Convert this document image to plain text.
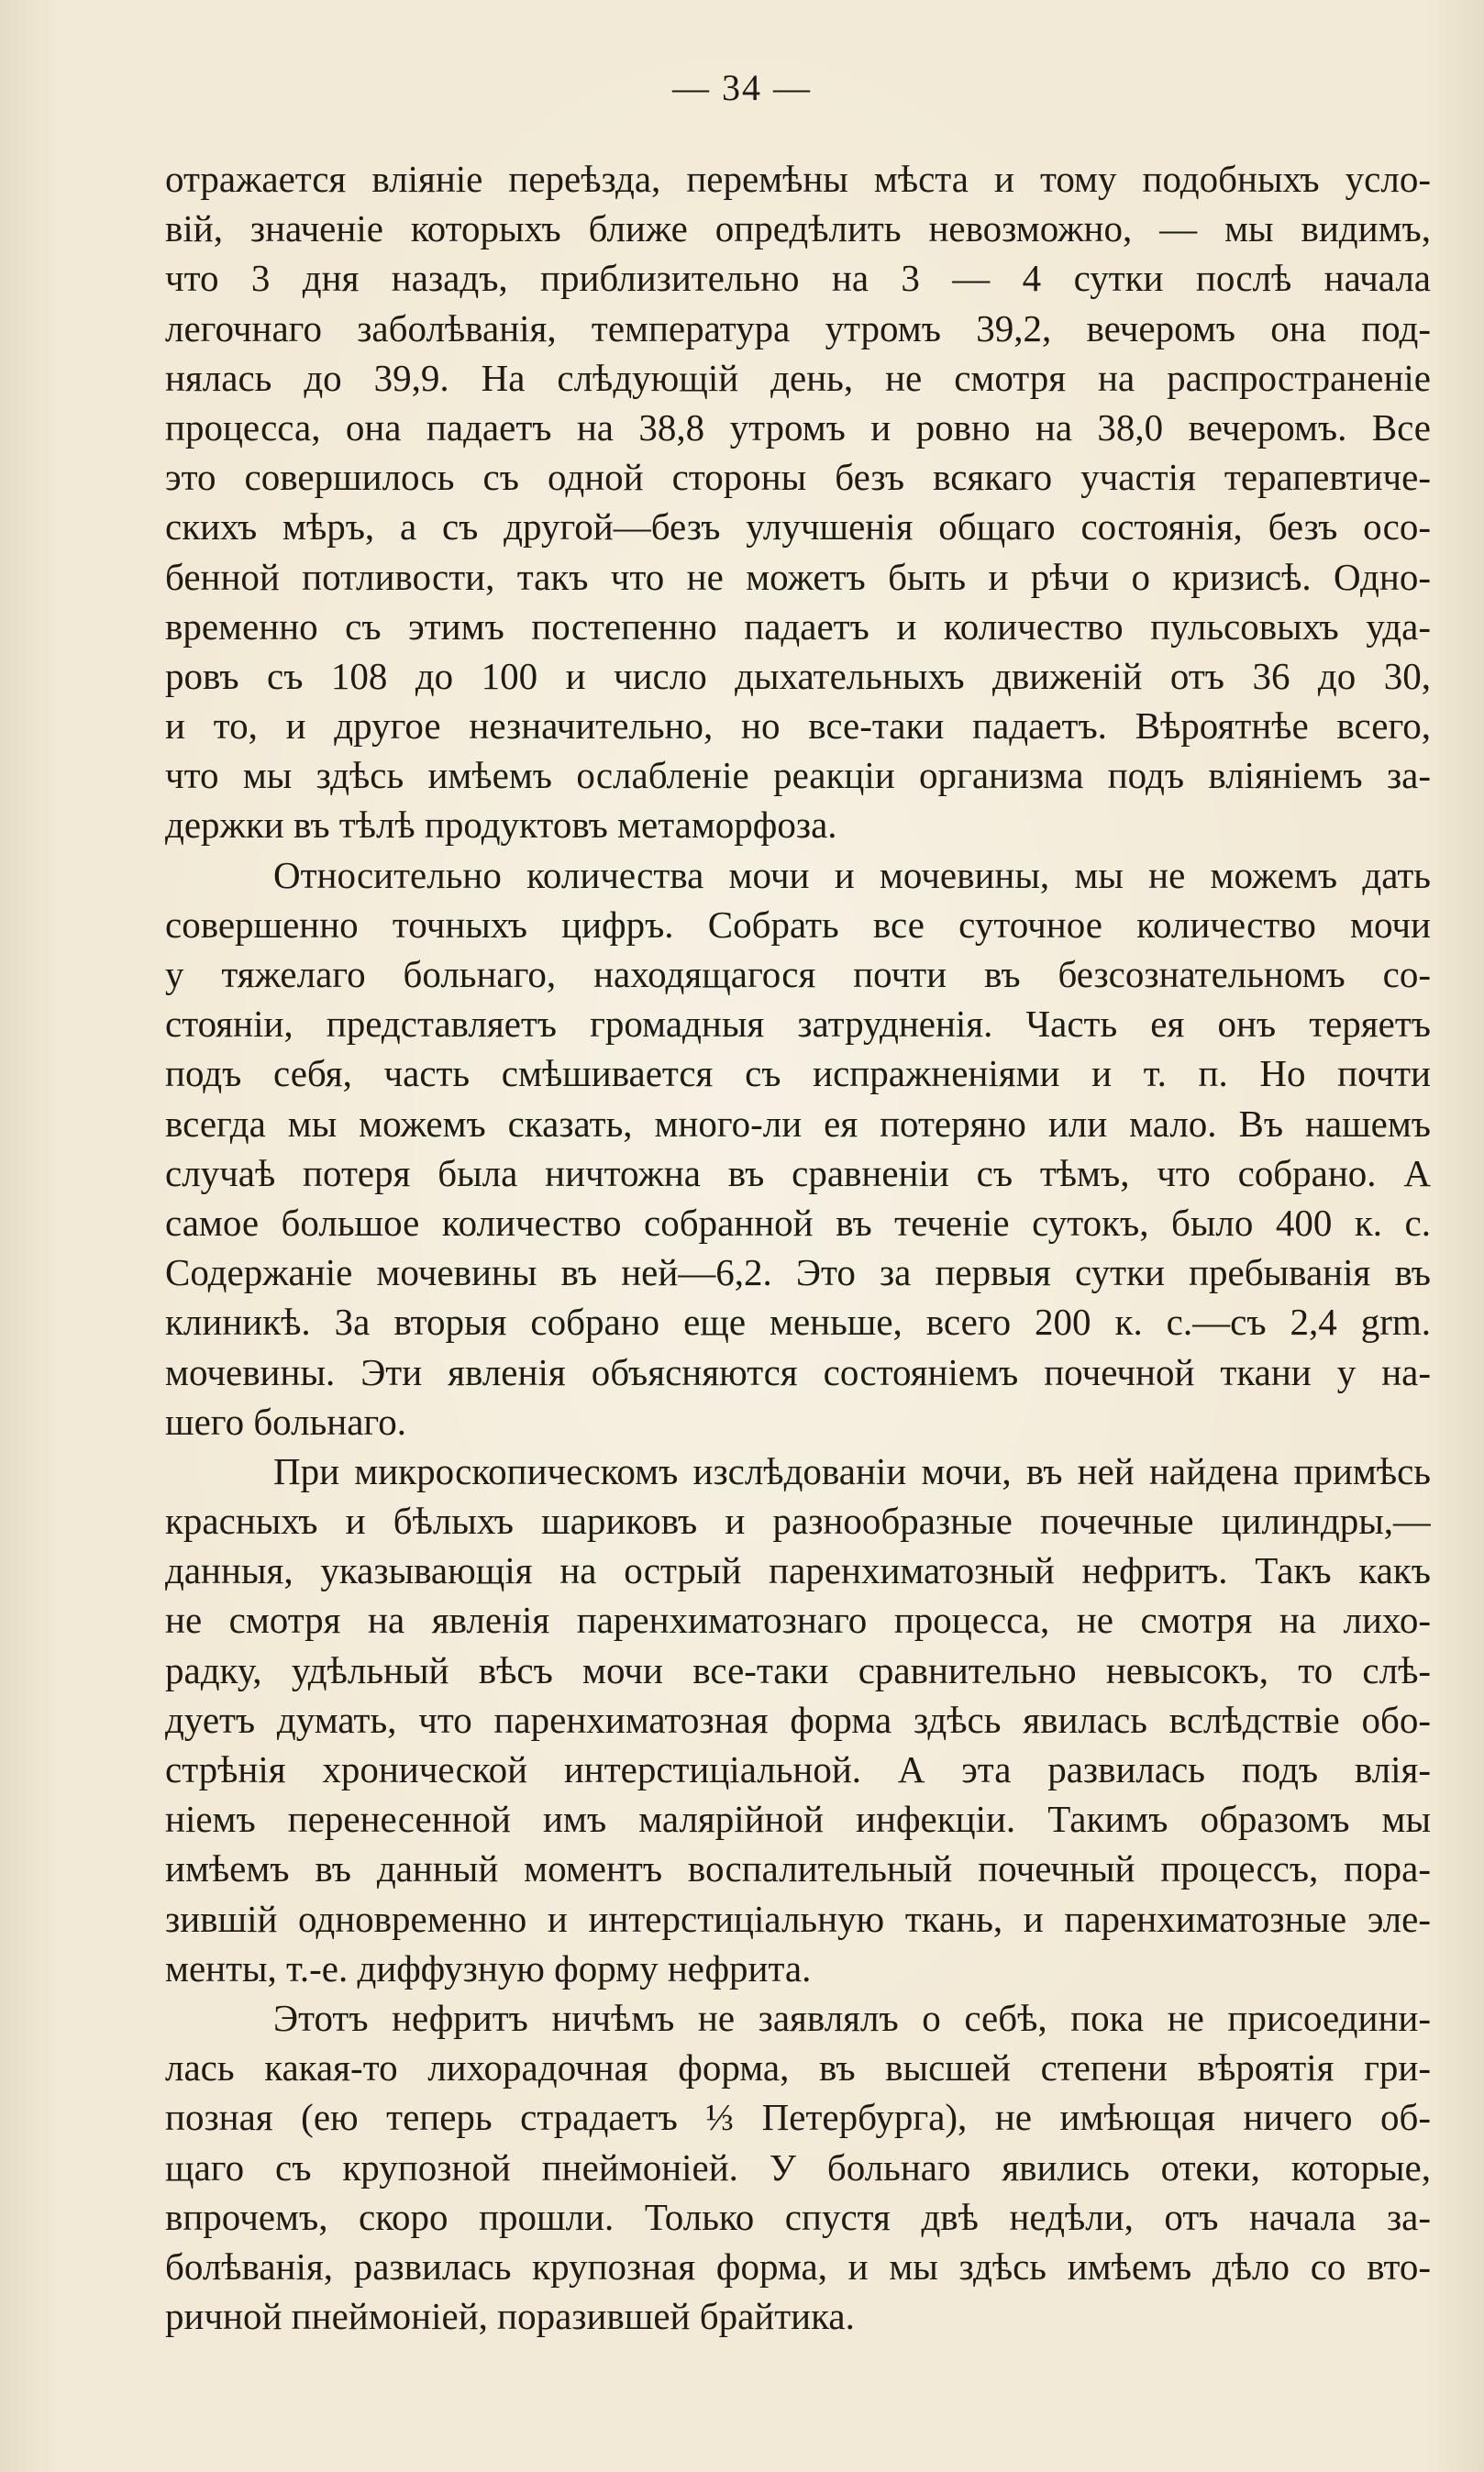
— 34 —
отражается вліяніе переѣзда, перемѣны мѣста и тому подобныхъ усло-
вій, значеніе которыхъ ближе опредѣлить невозможно, — мы видимъ,
что 3 дня назадъ, приблизительно на 3 — 4 сутки послѣ начала
легочнаго заболѣванія, температура утромъ 39,2, вечеромъ она под-
нялась до 39,9. На слѣдующій день, не смотря на распространеніе
процесса, она падаетъ на 38,8 утромъ и ровно на 38,0 вечеромъ. Все
это совершилось съ одной стороны безъ всякаго участія терапевтиче-
скихъ мѣръ, а съ другой—безъ улучшенія общаго состоянія, безъ осо-
бенной потливости, такъ что не можетъ быть и рѣчи о кризисѣ. Одно-
временно съ этимъ постепенно падаетъ и количество пульсовыхъ уда-
ровъ съ 108 до 100 и число дыхательныхъ движеній отъ 36 до 30,
и то, и другое незначительно, но все-таки падаетъ. Вѣроятнѣе всего,
что мы здѣсь имѣемъ ослабленіе реакціи организма подъ вліяніемъ за-
держки въ тѣлѣ продуктовъ метаморфоза.
Относительно количества мочи и мочевины, мы не можемъ дать
совершенно точныхъ цифръ. Собрать все суточное количество мочи
у тяжелаго больнаго, находящагося почти въ безсознательномъ со-
стояніи, представляетъ громадныя затрудненія. Часть ея онъ теряетъ
подъ себя, часть смѣшивается съ испражненіями и т. п. Но почти
всегда мы можемъ сказать, много-ли ея потеряно или мало. Въ нашемъ
случаѣ потеря была ничтожна въ сравненіи съ тѣмъ, что собрано. А
самое большое количество собранной въ теченіе сутокъ, было 400 к. с.
Содержаніе мочевины въ ней—6,2. Это за первыя сутки пребыванія въ
клиникѣ. За вторыя собрано еще меньше, всего 200 к. с.—съ 2,4 grm.
мочевины. Эти явленія объясняются состояніемъ почечной ткани у на-
шего больнаго.
При микроскопическомъ изслѣдованіи мочи, въ ней найдена примѣсь
красныхъ и бѣлыхъ шариковъ и разнообразные почечные цилиндры,—
данныя, указывающія на острый паренхиматозный нефритъ. Такъ какъ
не смотря на явленія паренхиматознаго процесса, не смотря на лихо-
радку, удѣльный вѣсъ мочи все-таки сравнительно невысокъ, то слѣ-
дуетъ думать, что паренхиматозная форма здѣсь явилась вслѣдствіе обо-
стрѣнія хронической интерстиціальной. А эта развилась подъ влія-
ніемъ перенесенной имъ малярійной инфекціи. Такимъ образомъ мы
имѣемъ въ данный моментъ воспалительный почечный процессъ, пора-
зившій одновременно и интерстиціальную ткань, и паренхиматозные эле-
менты, т.-е. диффузную форму нефрита.
Этотъ нефритъ ничѣмъ не заявлялъ о себѣ, пока не присоедини-
лась какая-то лихорадочная форма, въ высшей степени вѣроятія гри-
позная (ею теперь страдаетъ ⅓ Петербурга), не имѣющая ничего об-
щаго съ крупозной пнеймоніей. У больнаго явились отеки, которые,
впрочемъ, скоро прошли. Только спустя двѣ недѣли, отъ начала за-
болѣванія, развилась крупозная форма, и мы здѣсь имѣемъ дѣло со вто-
ричной пнеймоніей, поразившей брайтика.
